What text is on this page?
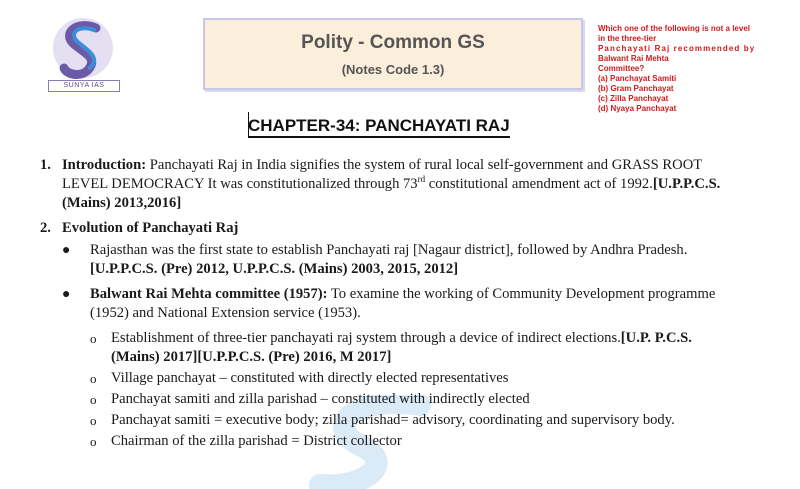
SUNYA IAS
Polity - Common GS
(Notes Code 1.3)
Which one of the following is not a level
in the three-tier
Panchayati Raj recommended by
Balwant Rai Mehta
Committee?
(a) Panchayat Samiti
(b) Gram Panchayat
(c) Zilla Panchayat
(d) Nyaya Panchayat
CHAPTER-34: PANCHAYATI RAJ
1. Introduction: Panchayati Raj in India signifies the system of rural local self-government and GRASS ROOT LEVEL DEMOCRACY It was constitutionalized through 73rd constitutional amendment act of 1992.[U.P.P.C.S. (Mains) 2013,2016]
2. Evolution of Panchayati Raj
● Rajasthan was the first state to establish Panchayati raj [Nagaur district], followed by Andhra Pradesh.[U.P.P.C.S. (Pre) 2012, U.P.P.C.S. (Mains) 2003, 2015, 2012]
● Balwant Rai Mehta committee (1957): To examine the working of Community Development programme (1952) and National Extension service (1953).
o Establishment of three-tier panchayati raj system through a device of indirect elections.[U.P. P.C.S. (Mains) 2017][U.P.P.C.S. (Pre) 2016, M 2017]
o Village panchayat – constituted with directly elected representatives
o Panchayat samiti and zilla parishad – constituted with indirectly elected
o Panchayat samiti = executive body; zilla parishad= advisory, coordinating and supervisory body.
o Chairman of the zilla parishad = District collector
